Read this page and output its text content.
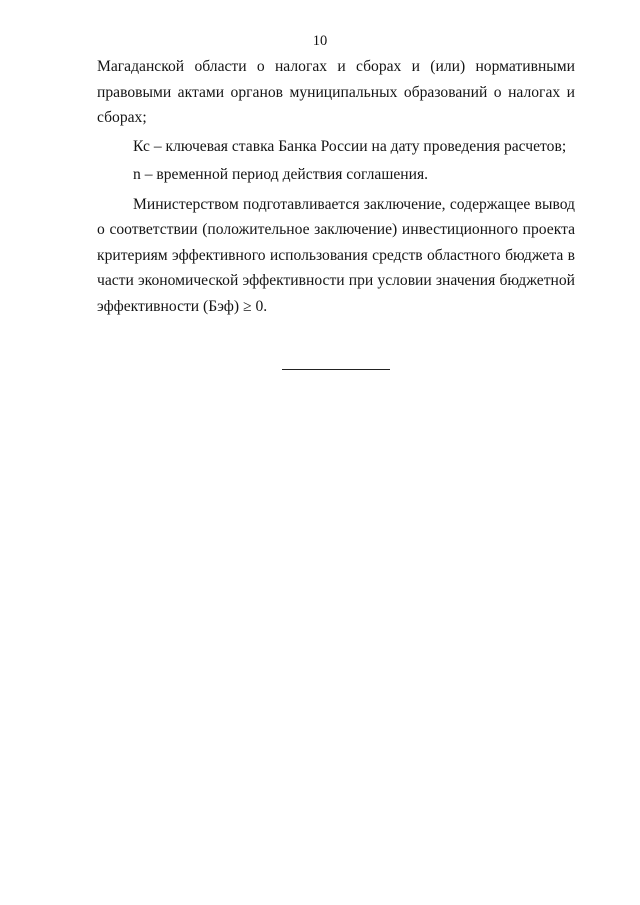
10

Магаданской области о налогах и сборах и (или) нормативными правовыми актами органов муниципальных образований о налогах и сборах;

Кс – ключевая ставка Банка России на дату проведения расчетов;

n – временной период действия соглашения.

Министерством подготавливается заключение, содержащее вывод о соответствии (положительное заключение) инвестиционного проекта критериям эффективного использования средств областного бюджета в части экономической эффективности при условии значения бюджетной эффективности (Бэф) ≥ 0.
